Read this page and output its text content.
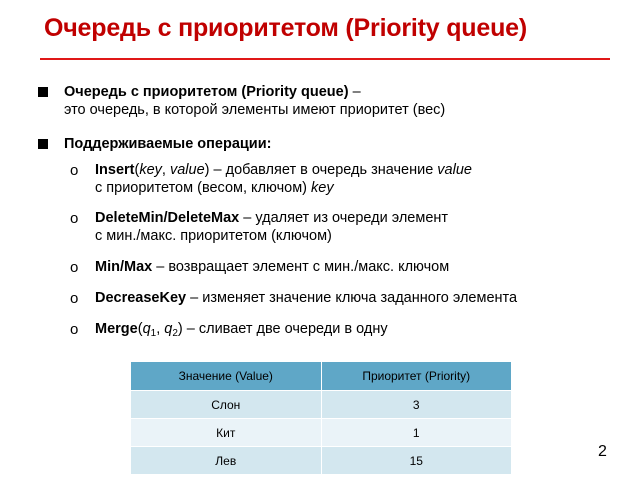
Очередь с приоритетом (Priority queue)
Очередь с приоритетом (Priority queue) –
это очередь, в которой элементы имеют приоритет (вес)
Поддерживаемые операции:
o Insert(key, value) – добавляет в очередь значение value
с приоритетом (весом, ключом) key
o DeleteMin/DeleteMax – удаляет из очереди элемент
с мин./макс. приоритетом (ключом)
o Min/Max – возвращает элемент с мин./макс. ключом
o DecreaseKey – изменяет значение ключа заданного элемента
o $Merge(q_1$, $q_2$) – сливает две очереди в одну
Значение (Value)	Приоритет (Priority)
Слон	3
Кит	1
Лев	15
2
